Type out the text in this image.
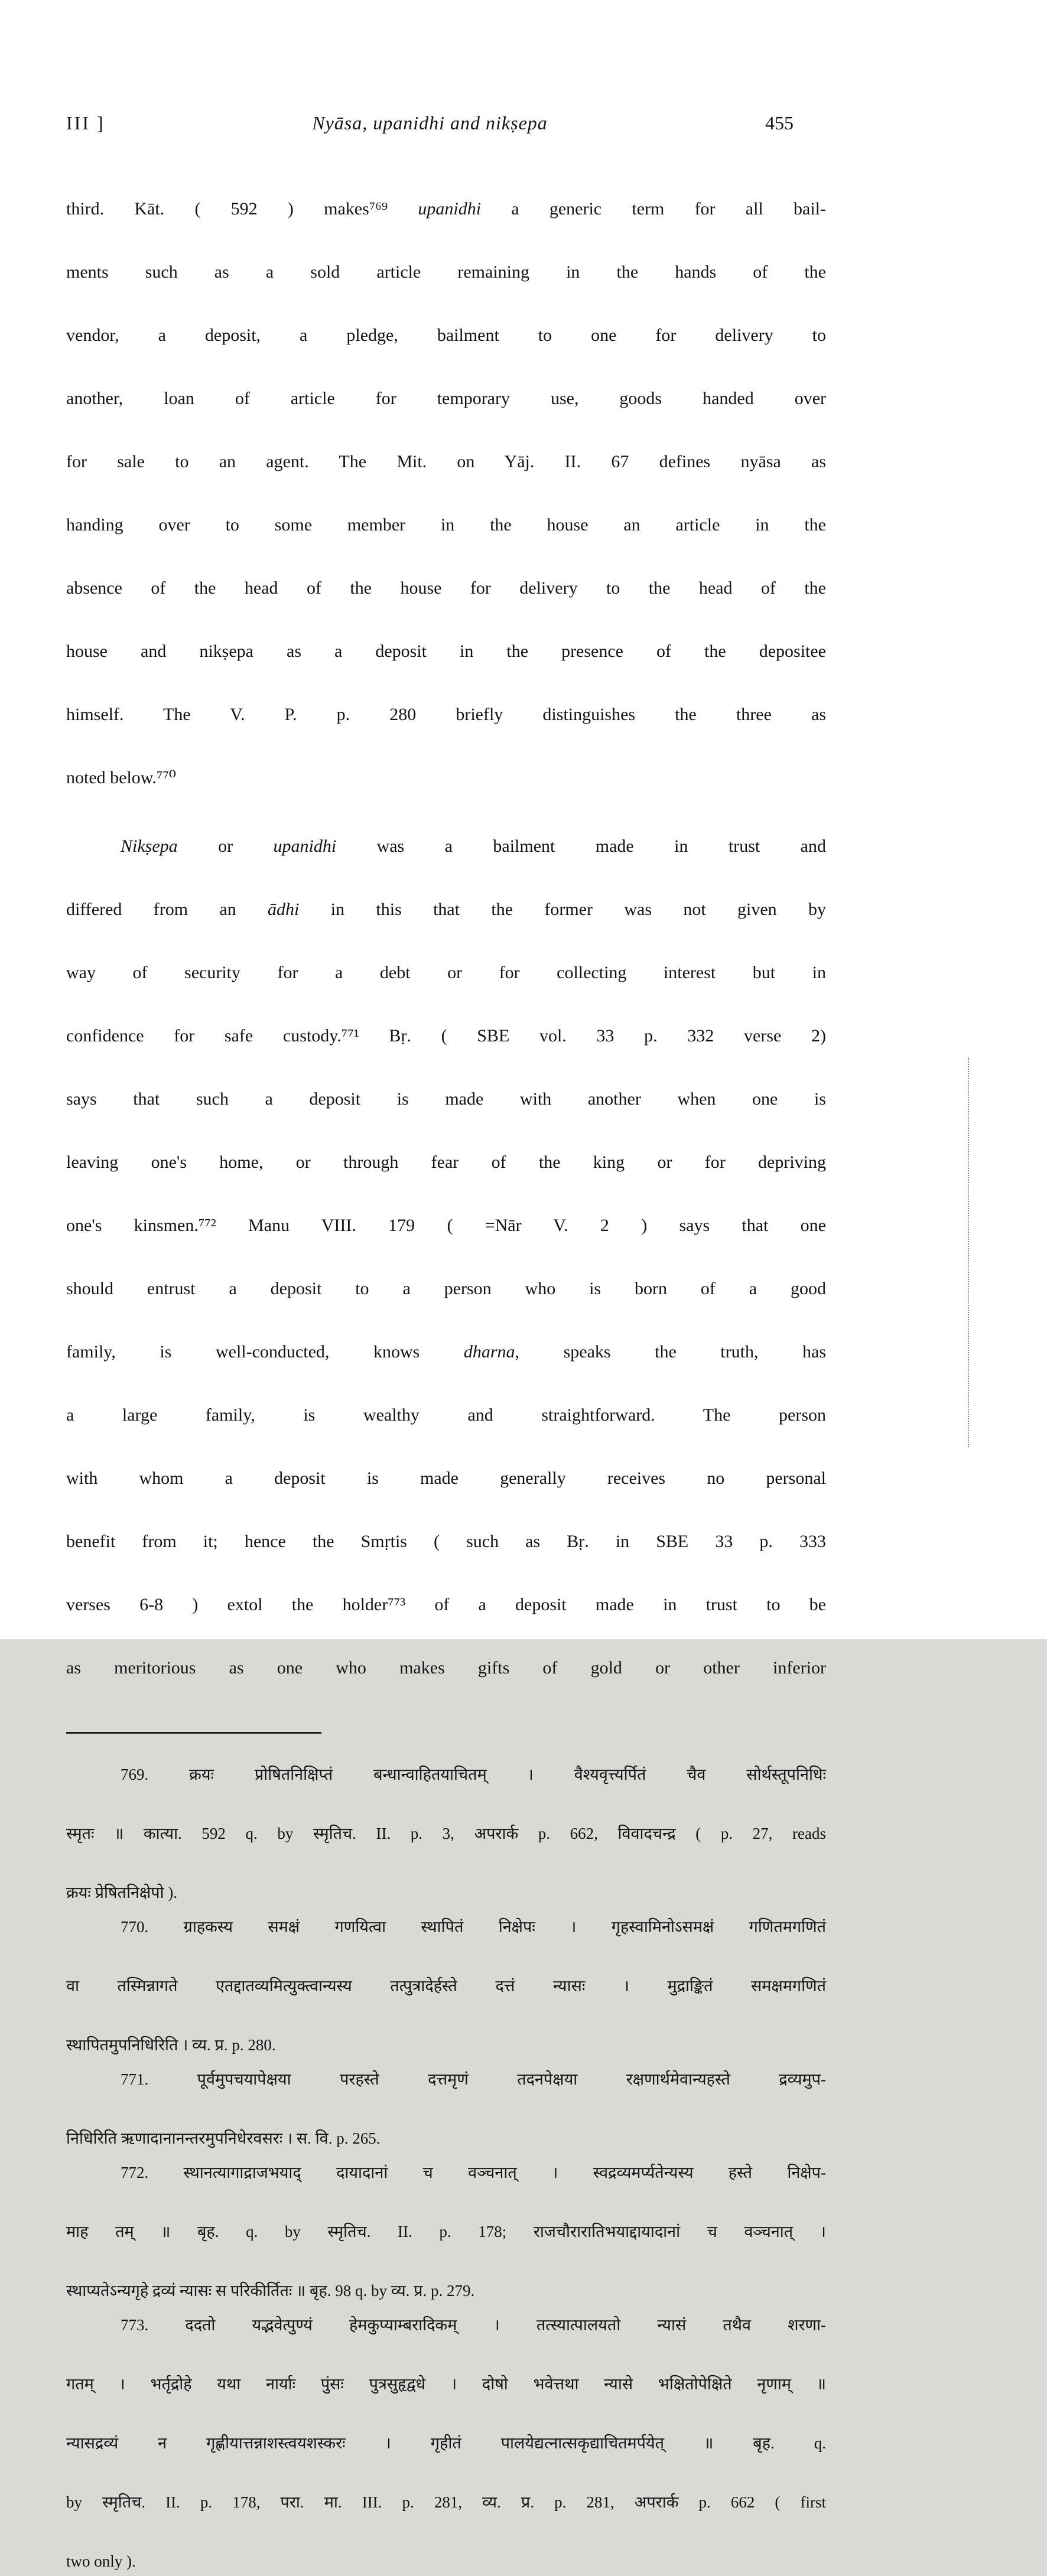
III ]	Nyāsa, upanidhi and nikṣepa	455
third. Kāt. ( 592 ) makes⁷⁶⁹ upanidhi a generic term for all bail-
ments such as a sold article remaining in the hands of the
vendor, a deposit, a pledge, bailment to one for delivery to
another, loan of article for temporary use, goods handed over
for sale to an agent. The Mit. on Yāj. II. 67 defines nyāsa as
handing over to some member in the house an article in the
absence of the head of the house for delivery to the head of the
house and nikṣepa as a deposit in the presence of the depositee
himself. The V. P. p. 280 briefly distinguishes the three as
noted below.⁷⁷⁰
Nikṣepa or upanidhi was a bailment made in trust and
differed from an ādhi in this that the former was not given by
way of security for a debt or for collecting interest but in
confidence for safe custody.⁷⁷¹ Bṛ. ( SBE vol. 33 p. 332 verse 2)
says that such a deposit is made with another when one is
leaving one's home, or through fear of the king or for depriving
one's kinsmen.⁷⁷² Manu VIII. 179 ( =Nār V. 2 ) says that one
should entrust a deposit to a person who is born of a good
family, is well-conducted, knows dharna, speaks the truth, has
a large family, is wealthy and straightforward. The person
with whom a deposit is made generally receives no personal
benefit from it; hence the Smṛtis ( such as Bṛ. in SBE 33 p. 333
verses 6-8 ) extol the holder⁷⁷³ of a deposit made in trust to be
as meritorious as one who makes gifts of gold or other inferior
769. क्रयः प्रोषितनिक्षिप्तं बन्धान्वाहितयाचितम् । वैश्यवृत्त्यर्पितं चैव सोर्थस्तूपनिधिः
स्मृतः ॥ कात्या. 592 q. by स्मृतिच. II. p. 3, अपरार्क p. 662, विवादचन्द्र ( p. 27, reads
क्रयः प्रेषितनिक्षेपो ).
770. ग्राहकस्य समक्षं गणयित्वा स्थापितं निक्षेपः । गृहस्वामिनोऽसमक्षं गणितमगणितं
वा तस्मिन्नागते एतद्दातव्यमित्युक्त्वान्यस्य तत्पुत्रादेर्हस्ते दत्तं न्यासः । मुद्राङ्कितं समक्षमगणितं
स्थापितमुपनिधिरिति । व्य. प्र. p. 280.
771. पूर्वमुपचयापेक्षया परहस्ते दत्तमृणं तदनपेक्षया रक्षणार्थमेवान्यहस्ते द्रव्यमुप-
निधिरिति ऋणादानानन्तरमुपनिधेरवसरः । स. वि. p. 265.
772. स्थानत्यागाद्राजभयाद् दायादानां च वञ्चनात् । स्वद्रव्यमर्प्यतेन्यस्य हस्ते निक्षेप-
माह तम् ॥ बृह. q. by स्मृतिच. II. p. 178; राजचौरारातिभयाद्दायादानां च वञ्चनात् ।
स्थाप्यतेऽन्यगृहे द्रव्यं न्यासः स परिकीर्तितः ॥ बृह. 98 q. by व्य. प्र. p. 279.
773. ददतो यद्भवेत्पुण्यं हेमकुप्याम्बरादिकम् । तत्स्यात्पालयतो न्यासं तथैव शरणा-
गतम् । भर्तृद्रोहे यथा नार्याः पुंसः पुत्रसुहृद्वधे । दोषो भवेत्तथा न्यासे भक्षितोपेक्षिते नृणाम् ॥
न्यासद्रव्यं न गृह्णीयात्तन्नाशस्त्वयशस्करः । गृहीतं पालयेद्यत्नात्सकृद्याचितमर्पयेत् ॥ बृह. q.
by स्मृतिच. II. p. 178, परा. मा. III. p. 281, व्य. प्र. p. 281, अपरार्क p. 662 ( first
two only ).
